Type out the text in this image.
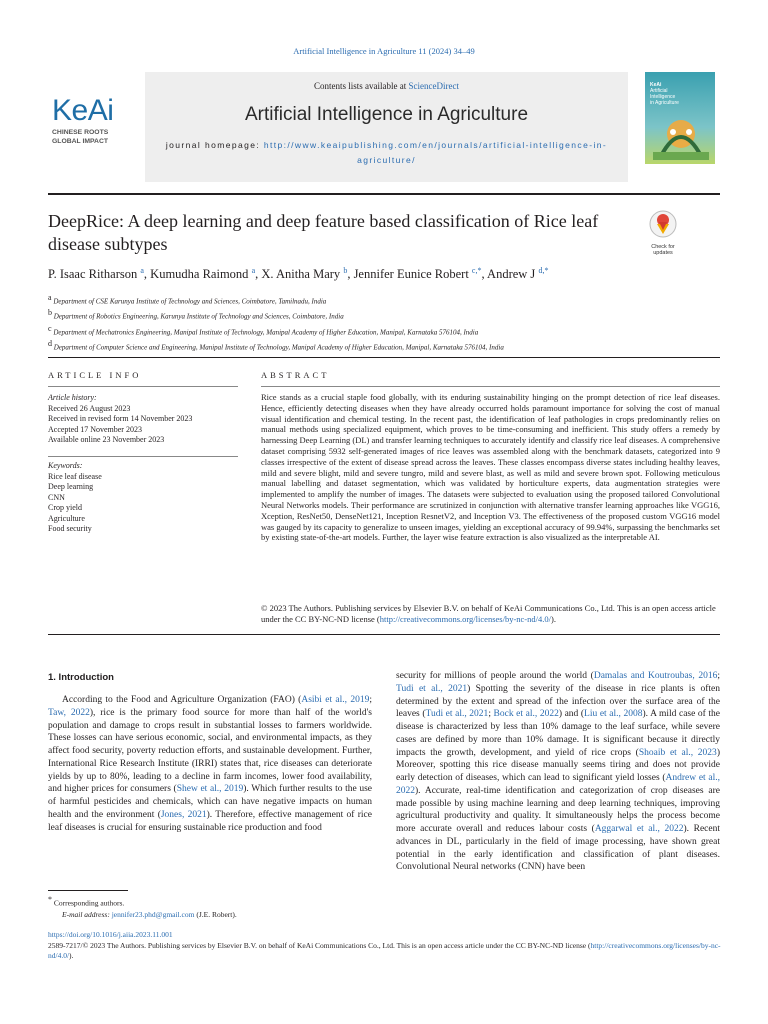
Artificial Intelligence in Agriculture 11 (2024) 34–49
Contents lists available at ScienceDirect
Artificial Intelligence in Agriculture
journal homepage: http://www.keaipublishing.com/en/journals/artificial-intelligence-in-agriculture/
KeAi
CHINESE ROOTS
GLOBAL IMPACT
KeAi
Artificial
Intelligence
in Agriculture
DeepRice: A deep learning and deep feature based classification of Rice leaf disease subtypes	Check for
updates
P. Isaac Ritharson $^a$, Kumudha Raimond $^a$, X. Anitha Mary $^b$, Jennifer Eunice Robert $^{c,*}$, Andrew J $^{d,*}$
$^a$ Department of CSE Karunya Institute of Technology and Sciences, Coimbatore, Tamilnadu, India
$^b$ Department of Robotics Engineering, Karunya Institute of Technology and Sciences, Coimbatore, India
$^c$ Department of Mechatronics Engineering, Manipal Institute of Technology, Manipal Academy of Higher Education, Manipal, Karnataka 576104, India
$^d$ Department of Computer Science and Engineering, Manipal Institute of Technology, Manipal Academy of Higher Education, Manipal, Karnataka 576104, India
ARTICLE INFO	ABSTRACT
Article history:
Received 26 August 2023
Received in revised form 14 November 2023
Accepted 17 November 2023
Available online 23 November 2023
Keywords:
Rice leaf disease
Deep learning
CNN
Crop yield
Agriculture
Food security
Rice stands as a crucial staple food globally, with its enduring sustainability hinging on the prompt detection of rice leaf diseases. Hence, efficiently detecting diseases when they have already occurred holds paramount importance for solving the cost of manual visual identification and chemical testing. In the recent past, the identification of leaf pathologies in crops predominantly relies on manual methods using specialized equipment, which proves to be time-consuming and inefficient. This study offers a remedy by harnessing Deep Learning (DL) and transfer learning techniques to accurately identify and classify rice leaf diseases. A comprehensive dataset comprising 5932 self-generated images of rice leaves was assembled along with the benchmark datasets, categorized into 9 classes irrespective of the extent of disease spread across the leaves. These classes encompass diverse states including healthy leaves, mild and severe blight, mild and severe tungro, mild and severe blast, as well as mild and severe brown spot. Following meticulous manual labelling and dataset segmentation, which was validated by horticulture experts, data augmentation strategies were implemented to amplify the number of images. The datasets were subjected to evaluation using the proposed tailored Convolutional Neural Networks models. Their performance are scrutinized in conjunction with alternative transfer learning approaches like VGG16, Xception, ResNet50, DenseNet121, Inception ResnetV2, and Inception V3. The effectiveness of the proposed custom VGG16 model was gauged by its capacity to generalize to unseen images, yielding an exceptional accuracy of 99.94%, surpassing the benchmarks set by existing state-of-the-art models. Further, the layer wise feature extraction is also visualized as the interpretable AI.
© 2023 The Authors. Publishing services by Elsevier B.V. on behalf of KeAi Communications Co., Ltd. This is an open access article under the CC BY-NC-ND license (http://creativecommons.org/licenses/by-nc-nd/4.0/).
1. Introduction

According to the Food and Agriculture Organization (FAO) (Asibi et al., 2019; Taw, 2022), rice is the primary food source for more than half of the world's population and damage to crops result in substantial losses to farmers worldwide. These losses can have serious economic, social, and environmental impacts, as they affect food security, poverty reduction efforts, and sustainable development. Further, International Rice Research Institute (IRRI) states that, rice diseases can deteriorate yields by up to 80%, leading to a decline in farm incomes, lower food availability, and higher prices for consumers (Shew et al., 2019). Which further results to the use of harmful pesticides and chemicals, which can have negative impacts on human health and the environment (Jones, 2021). Therefore, effective management of rice leaf diseases is crucial for ensuring sustainable rice production and food

security for millions of people around the world (Damalas and Koutroubas, 2016; Tudi et al., 2021) Spotting the severity of the disease in rice plants is often determined by the extent and spread of the infection over the surface area of the leaves (Tudi et al., 2021; Bock et al., 2022) and (Liu et al., 2008). A mild case of the disease is characterized by less than 10% damage to the leaf surface, while severe cases are defined by more than 10% damage. It is significant because it directly impacts the growth, development, and yield of rice crops (Shoaib et al., 2023) Moreover, spotting this rice disease manually seems tiring and does not provide early detection of diseases, which can lead to significant yield losses (Andrew et al., 2022). Accurate, real-time identification and categorization of crop diseases are made possible by using machine learning and deep learning techniques, improving agricultural productivity and quality. It simultaneously helps the process become more accurate overall and reduces labour costs (Aggarwal et al., 2022). Recent advances in DL, particularly in the field of image processing, have shown great potential in the early identification and classification of plant diseases. Convolutional Neural networks (CNN) have been

* Corresponding authors.
E-mail address: jennifer23.phd@gmail.com (J.E. Robert).
https://doi.org/10.1016/j.aiia.2023.11.001
2589-7217/© 2023 The Authors. Publishing services by Elsevier B.V. on behalf of KeAi Communications Co., Ltd. This is an open access article under the CC BY-NC-ND license (http://creativecommons.org/licenses/by-nc-nd/4.0/).
